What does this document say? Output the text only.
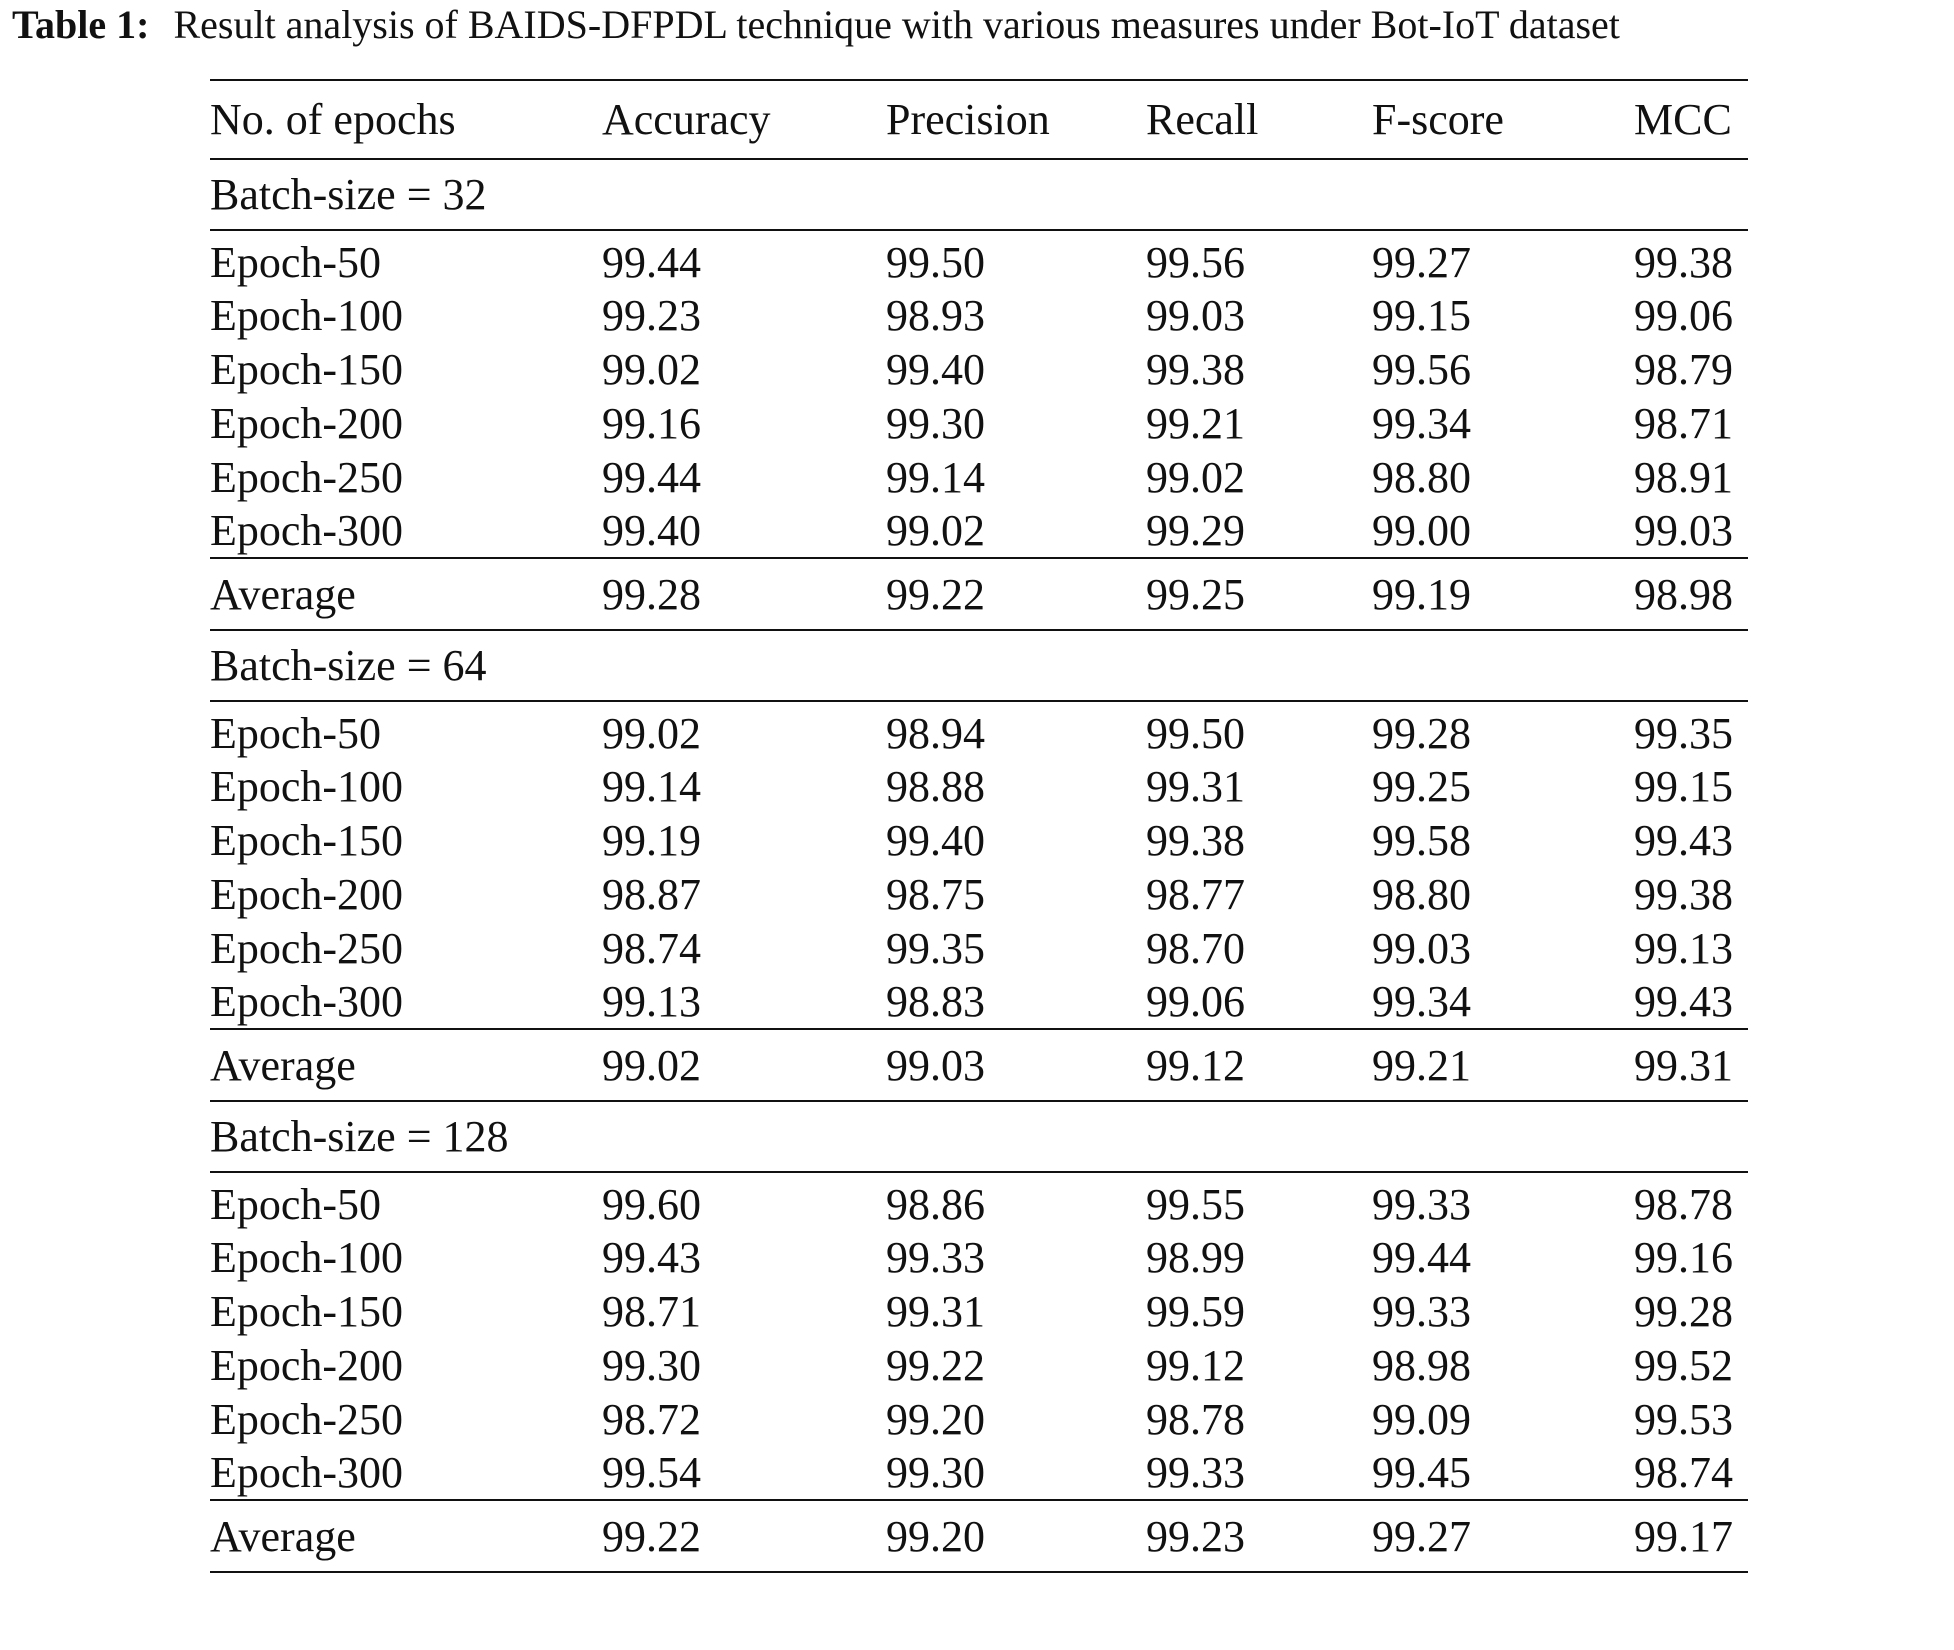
Table 1: Result analysis of BAIDS-DFPDL technique with various measures under Bot-IoT dataset
No. of epochs	Accuracy	Precision	Recall	F-score	MCC
Batch-size = 32					
Epoch-50	99.44	99.50	99.56	99.27	99.38
Epoch-100	99.23	98.93	99.03	99.15	99.06
Epoch-150	99.02	99.40	99.38	99.56	98.79
Epoch-200	99.16	99.30	99.21	99.34	98.71
Epoch-250	99.44	99.14	99.02	98.80	98.91
Epoch-300	99.40	99.02	99.29	99.00	99.03
Average	99.28	99.22	99.25	99.19	98.98
Batch-size = 64					
Epoch-50	99.02	98.94	99.50	99.28	99.35
Epoch-100	99.14	98.88	99.31	99.25	99.15
Epoch-150	99.19	99.40	99.38	99.58	99.43
Epoch-200	98.87	98.75	98.77	98.80	99.38
Epoch-250	98.74	99.35	98.70	99.03	99.13
Epoch-300	99.13	98.83	99.06	99.34	99.43
Average	99.02	99.03	99.12	99.21	99.31
Batch-size = 128					
Epoch-50	99.60	98.86	99.55	99.33	98.78
Epoch-100	99.43	99.33	98.99	99.44	99.16
Epoch-150	98.71	99.31	99.59	99.33	99.28
Epoch-200	99.30	99.22	99.12	98.98	99.52
Epoch-250	98.72	99.20	98.78	99.09	99.53
Epoch-300	99.54	99.30	99.33	99.45	98.74
Average	99.22	99.20	99.23	99.27	99.17
